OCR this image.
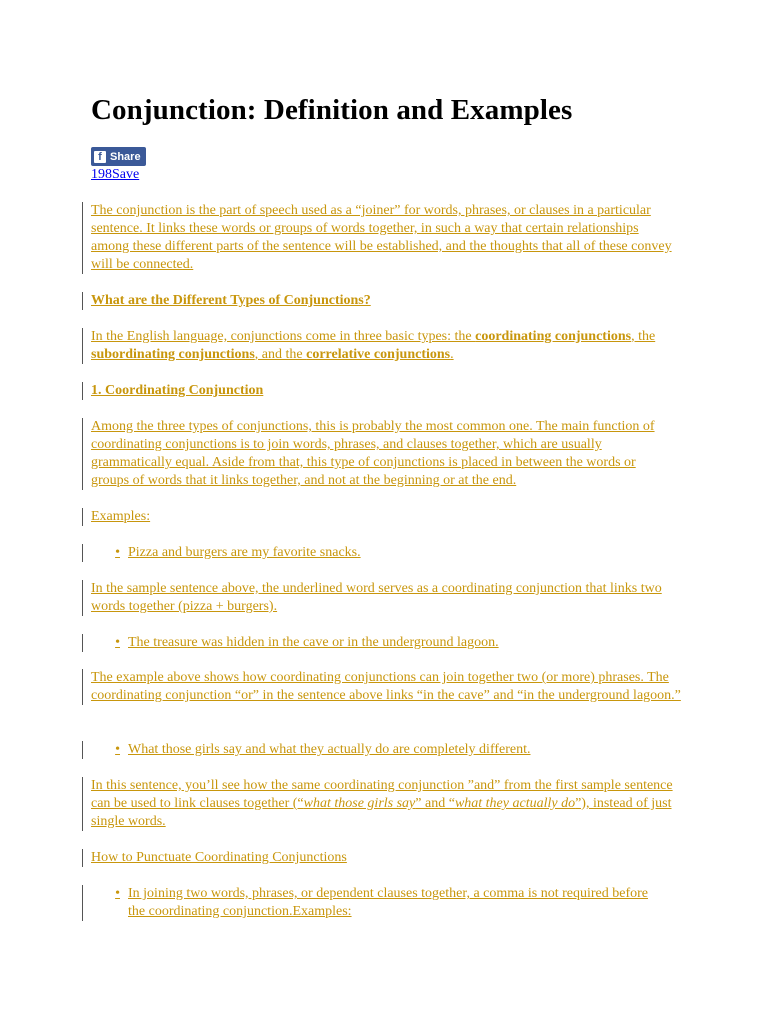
Conjunction: Definition and Examples
f Share
198Save
The conjunction is the part of speech used as a “joiner” for words, phrases, or clauses in a particular sentence. It links these words or groups of words together, in such a way that certain relationships among these different parts of the sentence will be established, and the thoughts that all of these convey will be connected.
What are the Different Types of Conjunctions?
In the English language, conjunctions come in three basic types: the coordinating conjunctions, the subordinating conjunctions, and the correlative conjunctions.
1. Coordinating Conjunction
Among the three types of conjunctions, this is probably the most common one. The main function of coordinating conjunctions is to join words, phrases, and clauses together, which are usually grammatically equal. Aside from that, this type of conjunctions is placed in between the words or groups of words that it links together, and not at the beginning or at the end.
Examples:
• Pizza and burgers are my favorite snacks.
In the sample sentence above, the underlined word serves as a coordinating conjunction that links two words together (pizza + burgers).
• The treasure was hidden in the cave or in the underground lagoon.
The example above shows how coordinating conjunctions can join together two (or more) phrases. The coordinating conjunction “or” in the sentence above links “in the cave” and “in the underground lagoon.”
• What those girls say and what they actually do are completely different.
In this sentence, you’ll see how the same coordinating conjunction ”and” from the first sample sentence can be used to link clauses together (“what those girls say” and “what they actually do”), instead of just single words.
How to Punctuate Coordinating Conjunctions
• In joining two words, phrases, or dependent clauses together, a comma is not required before the coordinating conjunction.Examples:
